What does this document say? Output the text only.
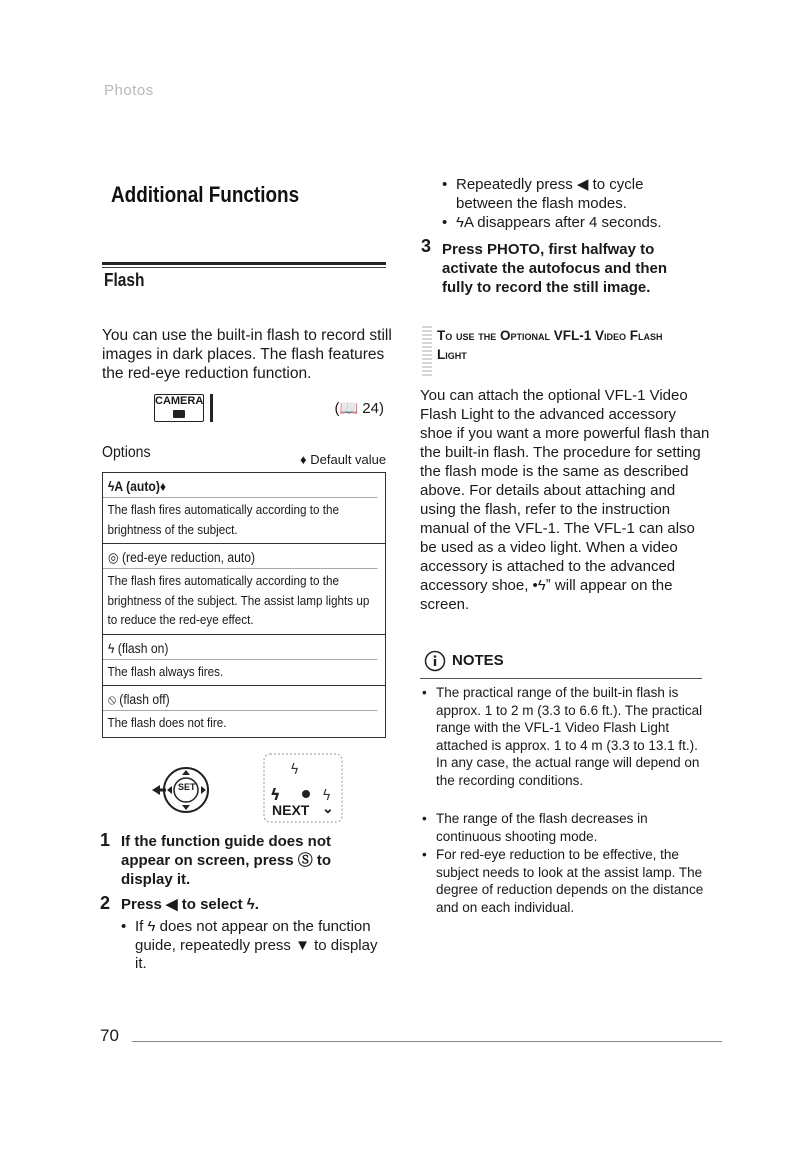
Photos
Additional Functions
Flash
You can use the built-in flash to record still images in dark places. The flash features the red-eye reduction function.
CAMERA	(📖 24)
Options	♦ Default value
ϟA (auto)♦
The flash fires automatically according to the brightness of the subject.
◎ (red-eye reduction, auto)
The flash fires automatically according to the brightness of the subject. The assist lamp lights up to reduce the red-eye effect.
ϟ (flash on)
The flash always fires.
⦸ (flash off)
The flash does not fire.
SET
ϟ
ϟ	ϟ
NEXT ⌄
1 If the function guide does not appear on screen, press Ⓢ to display it.
2 Press ◀ to select ϟ.
• If ϟ does not appear on the function guide, repeatedly press ▼ to display it.
• Repeatedly press ◀ to cycle between the flash modes.
• ϟA disappears after 4 seconds.
3 Press PHOTO, first halfway to activate the autofocus and then fully to record the still image.
To use the Optional VFL-1 Video Flash
Light
You can attach the optional VFL-1 Video Flash Light to the advanced accessory shoe if you want a more powerful flash than the built-in flash. The procedure for setting the flash mode is the same as described above. For details about attaching and using the flash, refer to the instruction manual of the VFL-1. The VFL-1 can also be used as a video light. When a video accessory is attached to the advanced accessory shoe, •ϟˮ will appear on the screen.
NOTES
• The practical range of the built-in flash is approx. 1 to 2 m (3.3 to 6.6 ft.). The practical range with the VFL-1 Video Flash Light attached is approx. 1 to 4 m (3.3 to 13.1 ft.). In any case, the actual range will depend on the recording conditions.
• The range of the flash decreases in continuous shooting mode.
• For red-eye reduction to be effective, the subject needs to look at the assist lamp. The degree of reduction depends on the distance and on each individual.
70
